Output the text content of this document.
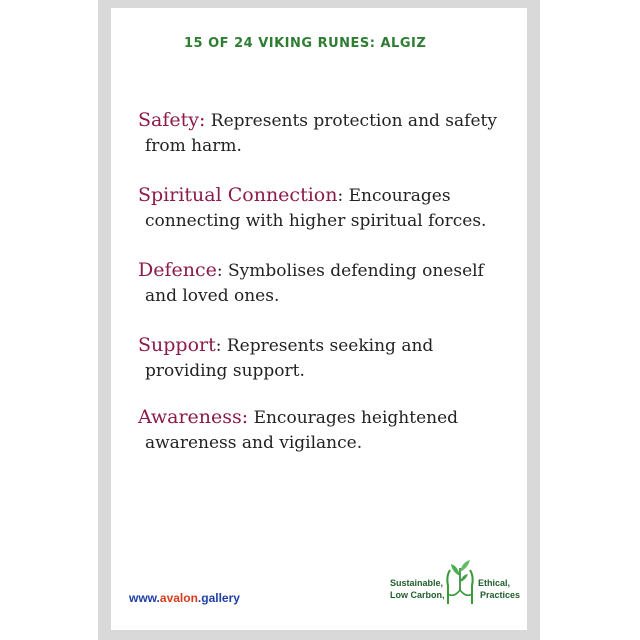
15 OF 24 VIKING RUNES: ALGIZ
Safety: Represents protection and safety
from harm.
Spiritual Connection: Encourages
connecting with higher spiritual forces.
Defence: Symbolises defending oneself
and loved ones.
Support: Represents seeking and
providing support.
Awareness: Encourages heightened
awareness and vigilance.
www.avalon.gallery
Sustainable,
Low Carbon,
Ethical,
Practices
